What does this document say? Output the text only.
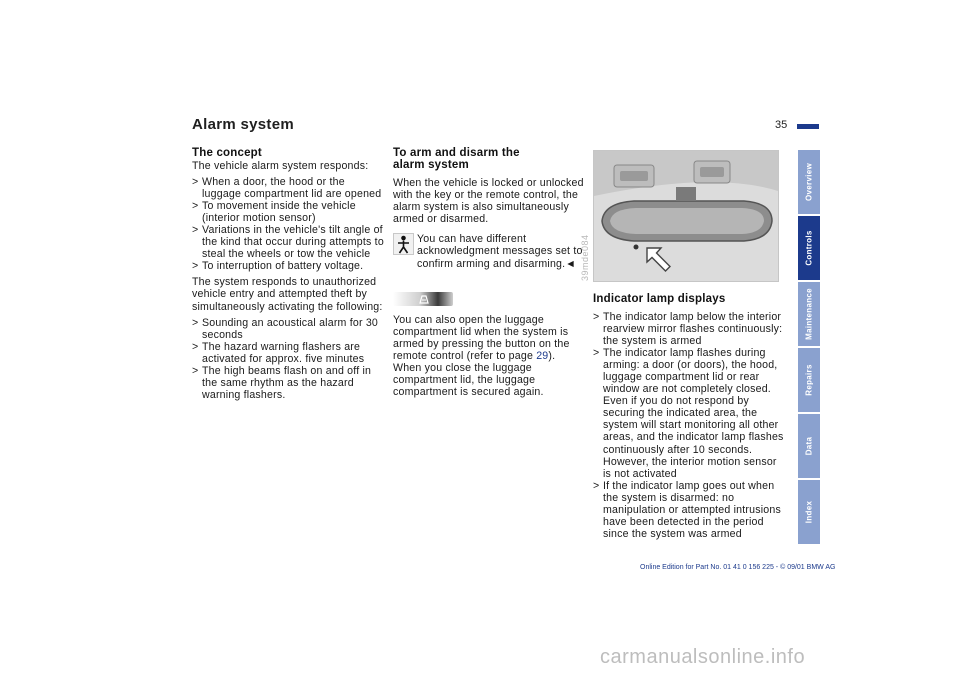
Alarm system	35
The concept

The vehicle alarm system responds:

> When a door, the hood or the luggage compartment lid are opened
> To movement inside the vehicle (interior motion sensor)
> Variations in the vehicle's tilt angle of the kind that occur during attempts to steal the wheels or tow the vehicle
> To interruption of battery voltage.

The system responds to unauthorized vehicle entry and attempted theft by simultaneously activating the following:

> Sounding an acoustical alarm for 30 seconds
> The hazard warning flashers are activated for approx. five minutes
> The high beams flash on and off in the same rhythm as the hazard warning flashers.
To arm and disarm the alarm system

When the vehicle is locked or unlocked with the key or the remote control, the alarm system is also simultaneously armed or disarmed.

You can have different acknowledgment messages set to confirm arming and disarming.◄

You can also open the luggage compartment lid when the system is armed by pressing the button on the remote control (refer to page 29). When you close the luggage compartment lid, the luggage compartment is secured again.

39mde084
Indicator lamp displays
> The indicator lamp below the interior rearview mirror flashes continuously: the system is armed
> The indicator lamp flashes during arming: a door (or doors), the hood, luggage compartment lid or rear window are not completely closed. Even if you do not respond by securing the indicated area, the system will start monitoring all other areas, and the indicator lamp flashes continuously after 10 seconds. However, the interior motion sensor is not activated
> If the indicator lamp goes out when the system is disarmed: no manipulation or attempted intrusions have been detected in the period since the system was armed
Overview
Controls
Maintenance
Repairs
Data
Index
Online Edition for Part No. 01 41 0 156 225 - © 09/01 BMW AG
carmanualsonline.info
